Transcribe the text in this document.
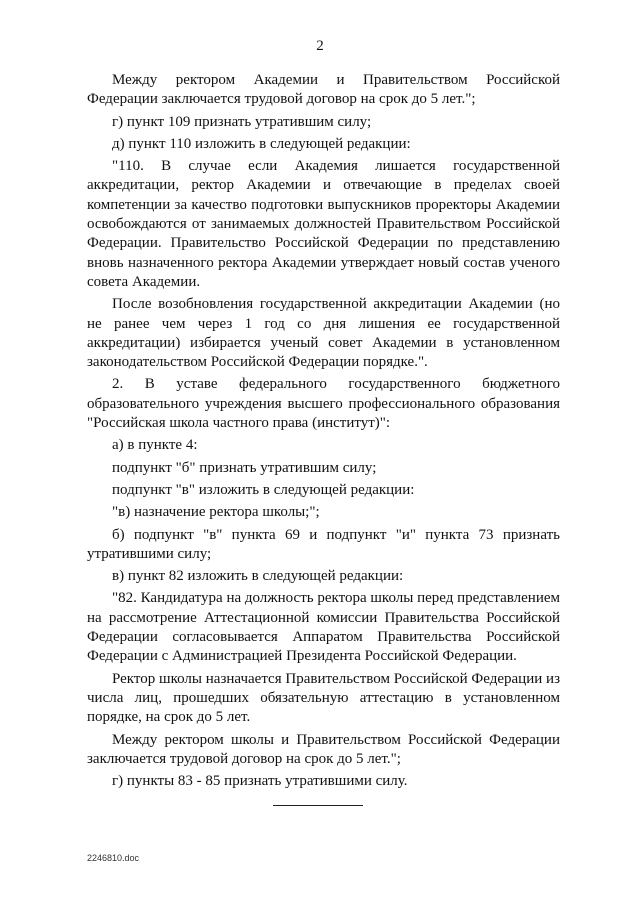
2

Между ректором Академии и Правительством Российской Федерации заключается трудовой договор на срок до 5 лет.";

г) пункт 109 признать утратившим силу;

д) пункт 110 изложить в следующей редакции:

"110. В случае если Академия лишается государственной аккредитации, ректор Академии и отвечающие в пределах своей компетенции за качество подготовки выпускников проректоры Академии освобождаются от занимаемых должностей Правительством Российской Федерации. Правительство Российской Федерации по представлению вновь назначенного ректора Академии утверждает новый состав ученого совета Академии.

После возобновления государственной аккредитации Академии (но не ранее чем через 1 год со дня лишения ее государственной аккредитации) избирается ученый совет Академии в установленном законодательством Российской Федерации порядке.".

2. В уставе федерального государственного бюджетного образовательного учреждения высшего профессионального образования "Российская школа частного права (институт)":

а) в пункте 4:

подпункт "б" признать утратившим силу;

подпункт "в" изложить в следующей редакции:

"в) назначение ректора школы;";

б) подпункт "в" пункта 69 и подпункт "и" пункта 73 признать утратившими силу;

в) пункт 82 изложить в следующей редакции:

"82. Кандидатура на должность ректора школы перед представлением на рассмотрение Аттестационной комиссии Правительства Российской Федерации согласовывается Аппаратом Правительства Российской Федерации с Администрацией Президента Российской Федерации.

Ректор школы назначается Правительством Российской Федерации из числа лиц, прошедших обязательную аттестацию в установленном порядке, на срок до 5 лет.

Между ректором школы и Правительством Российской Федерации заключается трудовой договор на срок до 5 лет.";

г) пункты 83 - 85 признать утратившими силу.

2246810.doc
